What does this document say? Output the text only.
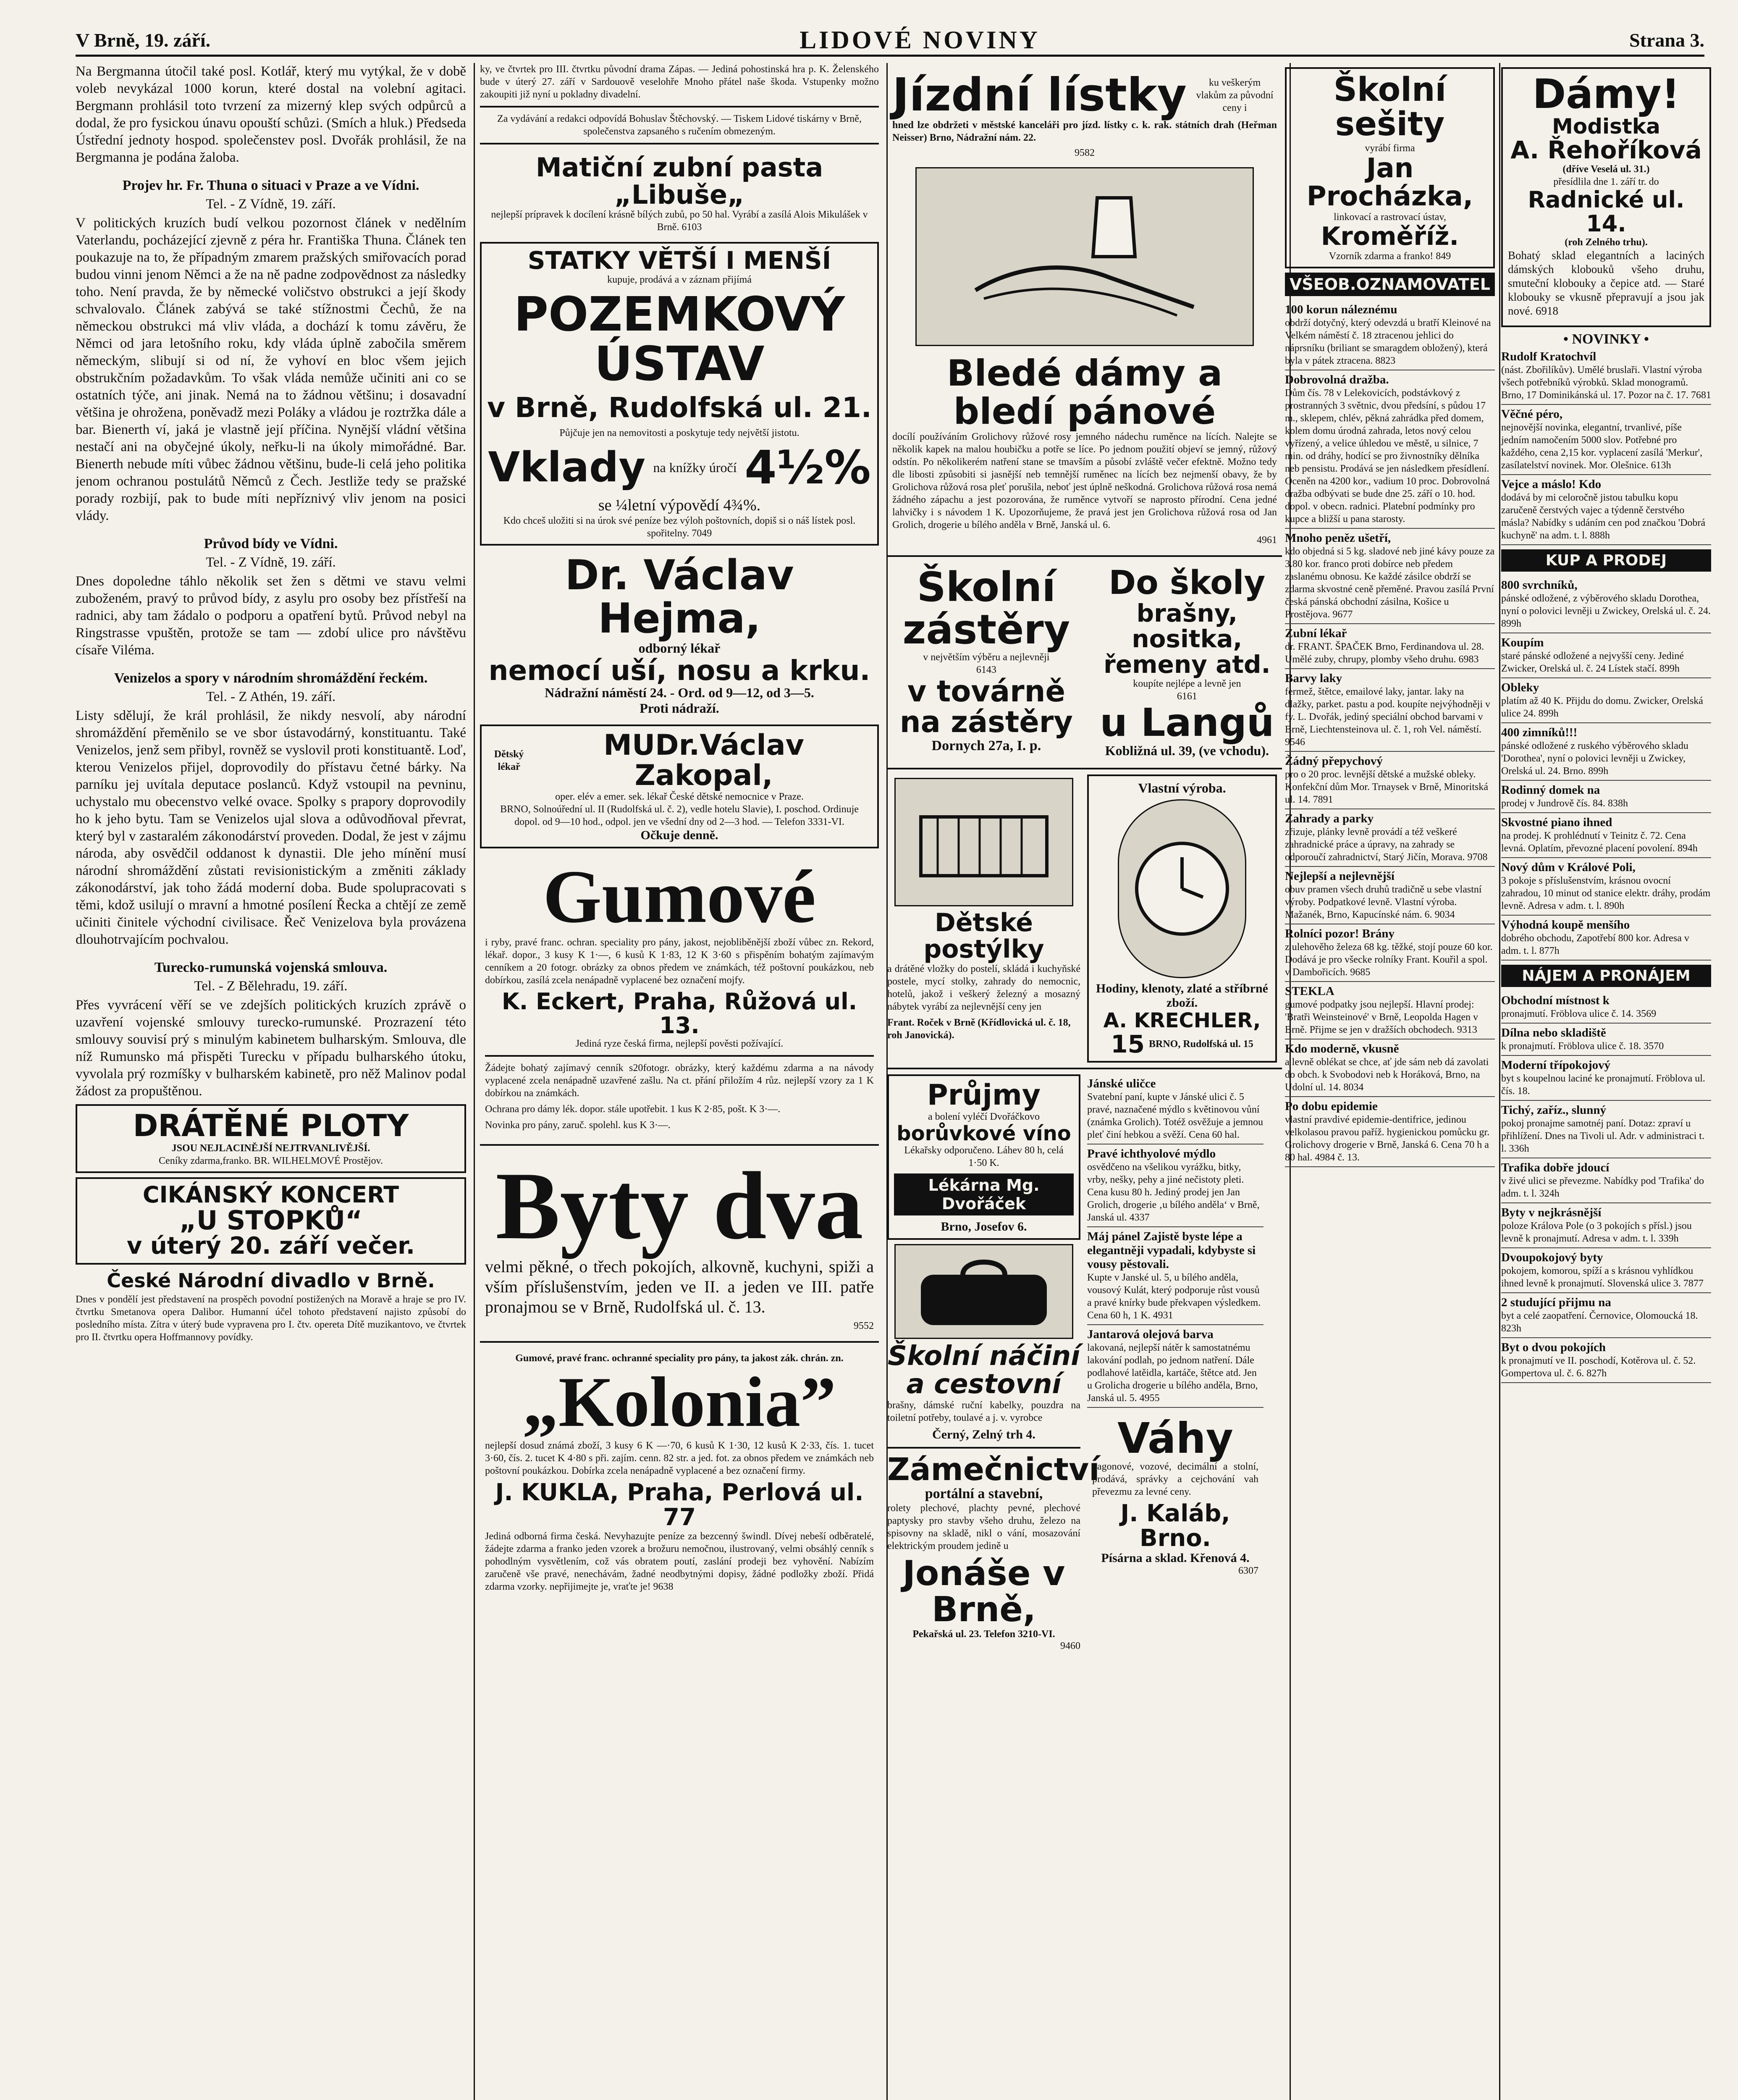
V Brně, 19. září.	LIDOVÉ NOVINY	Strana 3.

Na Bergmanna útočil také posl. Kotlář, který mu vytýkal, že v době voleb nevykázal 1000 korun, které dostal na volební agitaci. Bergmann prohlásil toto tvrzení za mizerný klep svých odpůrců a dodal, že pro fysickou únavu opouští schůzi. (Smích a hluk.) Předseda Ústřední jednoty hospod. společenstev posl. Dvořák prohlásil, že na Bergmanna je podána žaloba.

Projev hr. Fr. Thuna o situaci v Praze a ve Vídni.
Tel. - Z Vídně, 19. září.

V politických kruzích budí velkou pozornost článek v nedělním Vaterlandu, pocházející zjevně z péra hr. Františka Thuna. Článek ten poukazuje na to, že případným zmarem pražských smiřovacích porad budou vinni jenom Němci a že na ně padne zodpovědnost za následky toho. Není pravda, že by německé voličstvo obstrukci a její škody schvalovalo. Článek zabývá se také stížnostmi Čechů, že na německou obstrukci má vliv vláda, a dochází k tomu závěru, že Němci od jara letošního roku, kdy vláda úplně zabočila směrem německým, slibují si od ní, že vyhoví en bloc všem jejich obstrukčním požadavkům. To však vláda nemůže učiniti ani co se ostatních týče, ani jinak. Nemá na to žádnou většinu; i dosavadní většina je ohrožena, poněvadž mezi Poláky a vládou je roztržka dále a bar. Bienerth ví, jaká je vlastně její příčina. Nynější vládní většina nestačí ani na obyčejné úkoly, neřku-li na úkoly mimořádné. Bar. Bienerth nebude míti vůbec žádnou většinu, bude-li celá jeho politika jenom ochranou postulátů Němců z Čech. Jestliže tedy se pražské porady rozbijí, pak to bude míti nepříznivý vliv jenom na posici vlády.

Průvod bídy ve Vídni.
Tel. - Z Vídně, 19. září.

Dnes dopoledne táhlo několik set žen s dětmi ve stavu velmi zuboženém, pravý to průvod bídy, z asylu pro osoby bez přístřeší na radnici, aby tam žádalo o podporu a opatření bytů. Průvod nebyl na Ringstrasse vpuštěn, protože se tam — zdobí ulice pro návštěvu císaře Viléma.

Venizelos a spory v národním shromáždění řeckém.
Tel. - Z Athén, 19. září.

Listy sdělují, že král prohlásil, že nikdy nesvolí, aby národní shromáždění přeměnilo se ve sbor ústavodárný, konstituantu. Také Venizelos, jenž sem přibyl, rovněž se vyslovil proti konstituantě. Loď, kterou Venizelos přijel, doprovodily do přístavu četné bárky. Na parníku jej uvítala deputace poslanců. Když vstoupil na pevninu, uchystalo mu obecenstvo velké ovace. Spolky s prapory doprovodily ho k jeho bytu. Tam se Venizelos ujal slova a odůvodňoval převrat, který byl v zastaralém zákonodárství proveden. Dodal, že jest v zájmu národa, aby osvědčil oddanost k dynastii. Dle jeho mínění musí národní shromáždění zůstati revisionistickým a změniti základy zákonodárství, jak toho žádá moderní doba. Bude spolupracovati s těmi, kdož usilují o mravní a hmotné posílení Řecka a chtějí ze země učiniti činitele východní civilisace. Řeč Venizelova byla provázena dlouhotrvajícím pochvalou.

Turecko-rumunská vojenská smlouva.
Tel. - Z Bělehradu, 19. září.

Přes vyvrácení věří se ve zdejších politických kruzích zprávě o uzavření vojenské smlouvy turecko-rumunské. Prozrazení této smlouvy souvisí prý s minulým kabinetem bulharským. Smlouva, dle níž Rumunsko má přispěti Turecku v případu bulharského útoku, vyvolala prý rozmíšky v bulharském kabinetě, pro něž Malinov podal žádost za propuštěnou.

DRÁTĚNÉ PLOTY
JSOU NEJLACINĚJŠÍ NEJTRVANLIVĚJŠÍ.
Ceníky zdarma,franko. BR. WILHELMOVÉ Prostějov.
CIKÁNSKÝ KONCERT
„U STOPKŮ“
v úterý 20. září večer.
České Národní divadlo v Brně.

Dnes v pondělí jest představení na prospěch povodní postižených na Moravě a hraje se pro IV. čtvrtku Smetanova opera Dalibor. Humanní účel tohoto představení najisto způsobí do posledního místa. Zítra v úterý bude vypravena pro I. čtv. operetа Dítě muzikantovo, ve čtvrtek pro II. čtvrtku opera Hoffmannovy povídky.

ky, ve čtvrtek pro III. čtvrtku původní drama Zápas. — Jediná pohostinská hra p. K. Želenského bude v úterý 27. září v Sardouově veselohře Mnoho přátel naše škoda. Vstupenky možno zakoupiti již nyní u pokladny divadelní.

Za vydávání a redakci odpovídá Bohuslav Štěchovský. — Tiskem Lidové tiskárny v Brně, společenstva zapsaného s ručením obmezeným.

Matiční zubní pasta „Libuše„
nejlepší prípravek k docílení krásně bílých zubů, po 50 hal. Vyrábí a zasílá Alois Mikulášek v Brně. 6103
STATKY VĚTŠÍ I MENŠÍ
kupuje, prodává a v záznam přijímá
POZEMKOVÝ ÚSTAV
v Brně, Rudolfská ul. 21.
Půjčuje jen na nemovitosti a poskytuje tedy největší jistotu.
Vklady na knížky úročí 4½%
se ¼letní výpovědí 4¾%.
Kdo chceš uložiti si na úrok své peníze bez výloh poštovních, dopiš si o náš lístek posl. spořitelny. 7049
Dr. Václav Hejma,
odborný lékař
nemocí uší, nosu a krku.
Nádražní náměstí 24. - Ord. od 9—12, od 3—5.
Proti nádraží.
Dětský lékař
MUDr.Václav Zakopal,
oper. elév a emer. sek. lékař České dětské nemocnice v Praze.
BRNO, Solnoúřední ul. II (Rudolfská ul. č. 2), vedle hotelu Slavie), I. poschod. Ordinuje dopol. od 9—10 hod., odpol. jen ve všední dny od 2—3 hod. — Telefon 3331-VI.
Očkuje denně.
Gumové

i ryby, pravé franc. ochran. speciality pro pány, jakost, nejobliběnější zboží vůbec zn. Rekord, lékař. dopor., 3 kusy K 1·—, 6 kusů K 1·83, 12 K 3·60 s přispěním bohatým zajímavým cenníkem a 20 fotogr. obrázky za obnos předem ve známkách, též poštovní poukázkou, neb dobírkou, zasílá zcela nenápadně vyplacené bez označení mojfy.

K. Eckert, Praha, Růžová ul. 13.
Jediná ryze česká firma, nejlepší pověsti požívající.

Žádejte bohatý zajímavý cenník s20fotogr. obrázky, který každému zdarma a na návody vyplacené zcela nenápadně uzavřené zašlu. Na ct. přání přiložím 4 růz. nejlepší vzory za 1 K dobírkou na známkách.

Ochrana pro dámy lék. dopor. stále upotřebit. 1 kus K 2·85, pošt. K 3·—.

Novinka pro pány, zaruč. spolehl. kus K 3·—.

Byty dva

velmi pěkné, o třech pokojích, alkovně, kuchyni, spiži a vším příslušenstvím, jeden ve II. a jeden ve III. patře pronajmou se v Brně, Rudolfská ul. č. 13.

9552
Gumové, pravé franc. ochranné speciality pro pány, ta jakost zák. chrán. zn.
„Kolonia”

nejlepší dosud známá zboží, 3 kusy 6 K —·70, 6 kusů K 1·30, 12 kusů K 2·33, čís. 1. tucet 3·60, čís. 2. tucet K 4·80 s při. zajím. cenn. 82 str. a jed. fot. za obnos předem ve známkách neb poštovní poukázkou. Dobírka zcela nenápadně vyplacené a bez označení firmy.

J. KUKLA, Praha, Perlová ul. 77

Jediná odborná firma česká. Nevyhazujte peníze za bezcenný šwindl. Dívej nebeší odběratelé, žádejte zdarma a franko jeden vzorek a brožuru nemočnou, ilustrovaný, velmi obsáhlý cenník s pohodlným vysvětlením, což vás obratem poutí, zaslání prodeji bez vyhovění. Nabízím zaručeně vše pravé, nenechávám, žadné neodbytnými dopisy, žádné podložky zboží. Přidá zdarma vzorky. nepřijimejte je, vraťte je! 9638

Jízdní lístky	ku veškerým vlakům za původní ceny i

hned lze obdržeti v městské kanceláři pro jízd. lístky c. k. rak. státních drah (Heřman Neisser) Brno, Nádražní nám. 22.

9582
Bledé dámy a bledí pánové

docílí používáním Grolichovy růžové rosy jemného nádechu ruměnce na lících. Nalejte se několik kapek na malou houbičku a potře se lícе. Po jednom použití objeví se jemný, růžový odstín. Po několikerém natření stane se tmavším a působí zvláště večer efektně. Možno tedy dle libosti způsobiti si jasnější neb temnější ruměnec na lících bez nejmenší obavy, že by Grolichova růžová rosa pleť porušila, neboť jest úplně neškodná. Grolichova růžová rosa nemá žádného zápachu a jest pozorována, že ruměnce vytvoří se naprosto přírodní. Cena jedné lahvičky i s návodem 1 K. Upozorňujeme, že pravá jest jen Grolichova růžová rosa od Jan Grolich, drogerie u bílého anděla v Brně, Janská ul. 6.

4961
Školní zástěry
v největším výběru a nejlevněji
6143
v továrně na zástěry
Dornych 27a, I. p.
Do školy
brašny, nositka, řemeny atd.
koupíte nejlépe a levně jen
6161
u Langů
Kobližná ul. 39, (ve vchodu).
Dětské postýlky

a drátěné vložky do postelí, skládá i kuchyňské postele, mycí stolky, zahrady do nemocnic, hotelů, jakož i veškerý železný a mosazný nábytek vyrábí za nejlevnější ceny jen

Frant. Roček v Brně (Křídlovická ul. č. 18, roh Janovická).
Vlastní výroba.
Hodiny, klenoty, zlaté a stříbrné zboží.
A. KRECHLER,
15 BRNO, Rudolfská ul. 15
Průjmy
a bolení vyléčí Dvořáčkovo
borůvkové víno
Lékařsky odporučeno. Láhev 80 h, celá 1·50 K.
Lékárna Mg. Dvořáček
Brno, Josefov 6.
Školní náčiní a cestovní

brašny, dámské ruční kabelky, pouzdra na toiletní potřeby, toulavé a j. v. vyrobce

Černý, Zelný trh 4.
Zámečnictví
portální a stavební,

rolety plechové, plachty pevné, plechové paptysky pro stavby všeho druhu, železo na spisovny na skladě, nikl o vání, mosazování elektrickým proudem jedině u

Jonáše v Brně,
Pekařská ul. 23. Telefon 3210-VI.
9460
Jánské uličce
Svatební paní, kupte v Jánské ulici č. 5 pravé, naznačené mýdlo s květinovou vůní (známka Grolich). Totéž osvěžuje a jemnou pleť činí hebkou a svěží. Cena 60 hal.
Pravé ichthyolové mýdlo
osvědčeno na všelikou vyrážku, bitky, vrby, nešky, pehy a jiné nečistoty pleti. Cena kusu 80 h. Jediný prodej jen Jan Grolich, drogerie ‚u bílého anděla‘ v Brně, Janská ul. 4337
Máj pánel Zajistě byste lépe a elegantněji vypadali, kdybyste si vousy pěstovali.
Kupte v Janské ul. 5, u bílého anděla, vousový Kulát, který podporuje růst vousů a pravé knírky bude překvapen výsledkem. Cena 60 h, 1 K. 4931
Jantarová olejová barva
lakovaná, nejlepší nátěr k samostatnému lakování podlah, po jednom natření. Dále podlahové latěidla, kartáče, štětce atd. Jen u Grolicha drogerie u bílého anděla, Brno, Janská ul. 5. 4955
Váhy

vagonové, vozové, decimální a stolní, prodává, správky a cejchování vah převezmu za levné ceny.

J. Kaláb, Brno.
Písárna a sklad. Křenová 4.
6307
Školní sešity
vyrábí firma
Jan Procházka,
linkovací a rastrovací ústav,
Kroměříž.
Vzorník zdarma a franko! 849
VŠEOB.OZNAMOVATEL
100 korun náleznému
obdrží dotyčný, který odevzdá u bratří Kleinové na Velkém náměstí č. 18 ztracenou jehlici do náprsníku (briliant se smaragdem obložený), která byla v pátek ztracena. 8823
Dobrovolná dražba.
Dům čís. 78 v Lelekovicích, podstávkový z prostranných 3 světnic, dvou předsíní, s půdou 17 m., sklepem, chlév, pěkná zahrádka před domem, kolem domu úrodná zahrada, letos nový celou vyřízený, a velice úhledou ve městě, u silnice, 7 min. od dráhy, hodící se pro živnostníky dělníka neb pensistu. Prodává se jen následkem přesídlení. Oceněn na 4200 kor., vadium 10 proc. Dobrovolná dražba odbývati se bude dne 25. září o 10. hod. dopol. v obecn. radnici. Platební podmínky pro kupce a bližší u pana starosty.
Mnoho peněz ušetří,
kdo objedná si 5 kg. sladové neb jiné kávy pouze za 3.80 kor. franco proti dobírce neb předem zaslanému obnosu. Ke každé zásilce obdrží se zdarma skvostné ceně přeměné. Pravou zasílá První česká pánská obchodní zásilna, Košice u Prostějova. 9677
Zubní lékař
dr. FRANT. ŠPAČEK Brno, Ferdinandova ul. 28. Umělé zuby, chrupy, plomby všeho druhu. 6983
Barvy laky
fermež, štětce, emailové laky, jantar. laky na dlažky, parket. pastu a pod. koupíte nejvýhodněji v fy. L. Dvořák, jediný speciální obchod barvami v Brně, Liechtensteinova ul. č. 1, roh Vel. náměstí. 9546
Žádný přepychový
pro o 20 proc. levnější dětské a mužské obleky. Konfekční dům Mor. Trnaysek v Brně, Minoritská ul. 14. 7891
Zahrady a parky
zřizuje, plánky levně provádí a též veškeré zahradnické práce a úpravy, na zahrady se odporoučí zahradnictví, Starý Jičín, Morava. 9708
Nejlepší a nejlevnější
obuv pramen všech druhů tradičně u sebe vlastní výroby. Podpatkové levně. Vlastní výroba. Mažanék, Brno, Kapucínské nám. 6. 9034
Rolníci pozor! Brány
z ulehověho železa 68 kg. těžké, stojí pouze 60 kor. Dodává je pro všecke rolníky Frant. Kouřil a spol. v Dambořicích. 9685
STEKLA
gumové podpatky jsou nejlepší. Hlavní prodej: 'Bratři Weinsteinové' v Brně, Leopolda Hagen v Brně. Přijme se jen v dražších obchodech. 9313
Kdo moderně, vkusně
a levně oblékat se chce, ať jde sám neb dá zavolati do obch. k Svobodovi neb k Horáková, Brno, na Udolní ul. 14. 8034
Po dobu epidemie
vlastní pravdivé epidemie-dentifrice, jedinou velkolasou pravou paříž. hygienickou pomůcku gr. Grolichovy drogerie v Brně, Janská 6. Cena 70 h a 80 hal. 4984 č. 13.
Dámy!
Modistka
A. Řehoříková
(dříve Veselá ul. 31.)
přesídlila dne 1. září tr. do
Radnické ul. 14.
(roh Zelného trhu).

Bohatý sklad elegantních a laciných dámských klobouků všeho druhu, smuteční klobouky a čepice atd. — Staré klobouky se vkusně přepravují a jsou jak nové. 6918

• NOVINKY •
Rudolf Kratochvíl
(nást. Zbořilíkův). Umělé bruslaři. Vlastní výroba všech potřebníků výrobků. Sklad monogramů. Brno, 17 Dominikánská ul. 17. Pozor na č. 17. 7681
Věčné péro,
nejnovější novinka, elegantní, trvanlivé, píše jedním namočením 5000 slov. Potřebné pro každého, cena 2,15 kor. vyplacení zasílá 'Merkur', zasílatelství novinek. Mor. Olešnice. 613h
Vejce a máslo! Kdo
dodává by mi celoročně jistou tabulku kopu zaručeně čerstvých vajec a týdenně čerstvého másla? Nabídky s udáním cen pod značkou 'Dobrá kuchyně' na adm. t. l. 888h
KUP A PRODEJ
800 svrchníků,
pánské odložené, z výběrového skladu Dorothea, nyní o polovici levněji u Zwickey, Orelská ul. č. 24. 899h
Koupím
staré pánské odložené a nejvyšší ceny. Jediné Zwicker, Orelská ul. č. 24 Lístek stačí. 899h
Obleky
platím až 40 K. Přijdu do domu. Zwicker, Orelská ulice 24. 899h
400 zimníků!!!
pánské odložené z ruského výběrového skladu 'Dorothea', nyní o polovici levněji u Zwickey, Orelská ul. 24. Brno. 899h
Rodinný domek na
prodej v Jundrově čís. 84. 838h
Skvostné piano ihned
na prodej. K prohlédnutí v Teinitz č. 72. Cena levná. Oplatím, převozné placení povolení. 894h
Nový dům v Králové Poli,
3 pokoje s příslušenstvím, krásnou ovocní zahradou, 10 minut od stanice elektr. dráhy, prodám levně. Adresa v adm. t. l. 890h
Výhodná koupě menšího
dobrého obchodu, Zapotřebí 800 kor. Adresa v adm. t. l. 877h
NÁJEM A PRONÁJEM
Obchodní místnost k
pronajmutí. Fröblova ulice č. 14. 3569
Dílna nebo skladiště
k pronajmutí. Fröblova ulice č. 18. 3570
Moderní třípokojový
byt s koupelnou laciné ke pronajmutí. Fröblova ul. čís. 18.
Tichý, zaříz., slunný
pokoj pronajme samotnéj paní. Dotaz: zpraví u přihlížení. Dnes na Tivoli ul. Adr. v administraci t. l. 336h
Trafika dobře jdoucí
v živé ulici se převezme. Nabídky pod 'Trafika' do adm. t. l. 324h
Byty v nejkrásnější
poloze Králova Pole (o 3 pokojích s přísl.) jsou levně k pronajmutí. Adresa v adm. t. l. 339h
Dvoupokojový byty
pokojem, komorou, spíží a s krásnou vyhlídkou ihned levně k pronajmutí. Slovenská ulice 3. 7877
2 studující přijmu na
byt a celé zaopatření. Černovice, Olomoucká 18. 823h
Byt o dvou pokojích
k pronajmutí ve II. poschodí, Kotěrova ul. č. 52. Gompertova ul. č. 6. 827h
